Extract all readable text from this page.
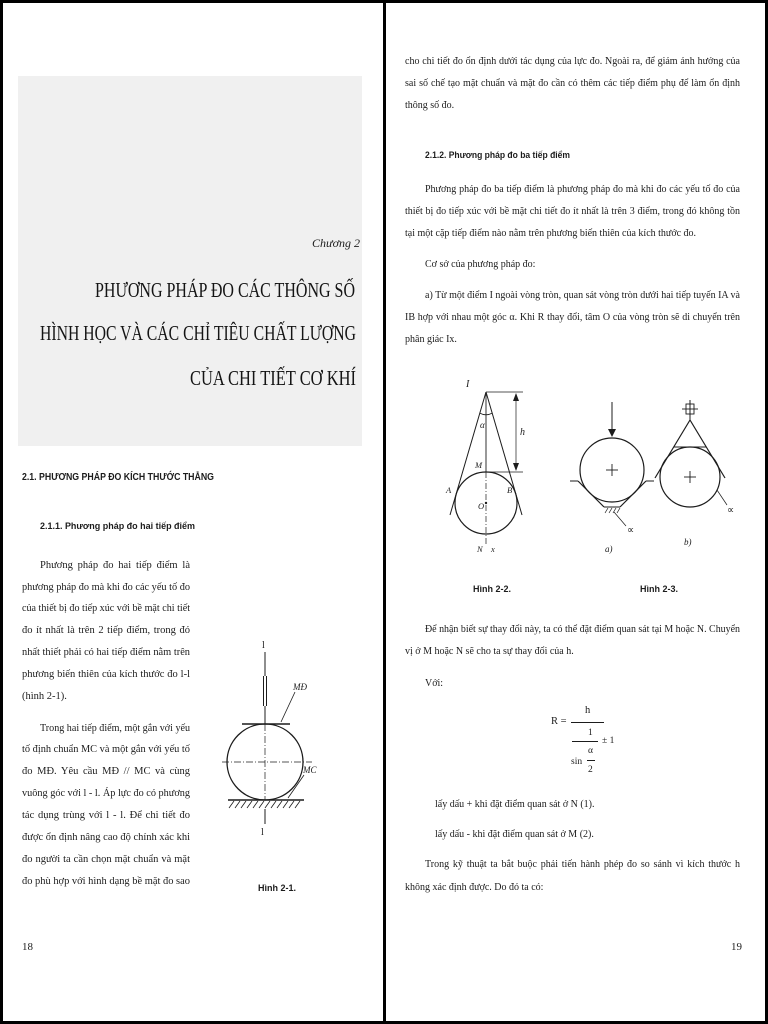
Chương 2
PHƯƠNG PHÁP ĐO CÁC THÔNG SỐ
HÌNH HỌC VÀ CÁC CHỈ TIÊU CHẤT LƯỢNG
CỦA CHI TIẾT CƠ KHÍ
2.1. PHƯƠNG PHÁP ĐO KÍCH THƯỚC THẲNG
2.1.1. Phương pháp đo hai tiếp điểm
Phương pháp đo hai tiếp điểm là
phương pháp đo mà khi đo các yếu tố đo
của thiết bị đo tiếp xúc với bề mặt chi tiết
đo ít nhất là trên 2 tiếp điểm, trong đó
nhất thiết phải có hai tiếp điểm nằm trên
phương biến thiên của kích thước đo l-l
(hình 2-1).
Trong hai tiếp điểm, một gắn với yếu
tố định chuẩn MC và một gắn với yếu tố
đo MĐ. Yêu cầu MĐ // MC và cùng
vuông góc với l - l. Áp lực đo có phương
tác dụng trùng với l - l. Để chi tiết đo
được ổn định nâng cao độ chính xác khi
đo người ta cần chọn mặt chuẩn và mặt
đo phù hợp với hình dạng bề mặt đo sao
l
MĐ
MC
l
Hình 2-1.
18
cho chi tiết đo ổn định dưới tác dụng của lực đo. Ngoài ra, để giảm ảnh hưởng của
sai số chế tạo mặt chuẩn và mặt đo cần có thêm các tiếp điểm phụ để làm ổn định
thông số đo.
2.1.2. Phương pháp đo ba tiếp điểm
Phương pháp đo ba tiếp điểm là phương pháp đo mà khi đo các yếu tố đo của
thiết bị đo tiếp xúc với bề mặt chi tiết đo ít nhất là trên 3 điểm, trong đó không tồn
tại một cặp tiếp điểm nào nằm trên phương biến thiên của kích thước đo.
Cơ sở của phương pháp đo:
a) Từ một điểm I ngoài vòng tròn, quan sát vòng tròn dưới hai tiếp tuyến IA và
IB hợp với nhau một góc α. Khi R thay đổi, tâm O của vòng tròn sẽ di chuyển trên
phân giác Ix.
I
α
h
M
A
O
B
N x
∝
a)
∝
b)
Hình 2-2.	Hình 2-3.
Để nhận biết sự thay đổi này, ta có thể đặt điểm quan sát tại M hoặc N. Chuyển
vị ở M hoặc N sẽ cho ta sự thay đổi của h.
Với:
R =
h
1
sin
α
2
± 1
lấy dấu + khi đặt điểm quan sát ở N (1).
lấy dấu - khi đặt điểm quan sát ở M (2).
Trong kỹ thuật ta bắt buộc phải tiến hành phép đo so sánh vì kích thước h
không xác định được. Do đó ta có:
19
